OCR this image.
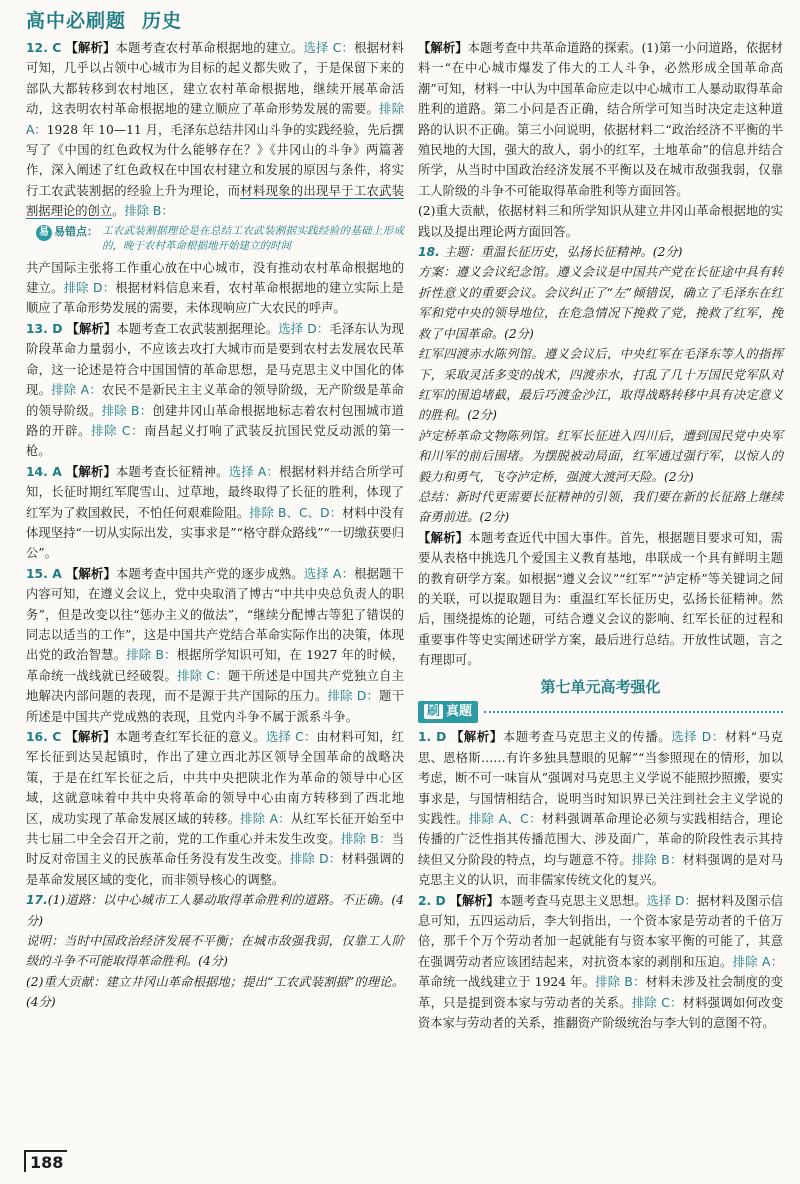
高中必刷题 历史

12. C 【解析】本题考查农村革命根据地的建立。选择 C：根据材料可知，几乎以占领中心城市为目标的起义都失败了，于是保留下来的部队大都转移到农村地区，建立农村革命根据地，继续开展革命活动，这表明农村革命根据地的建立顺应了革命形势发展的需要。排除 A：1928 年 10—11 月，毛泽东总结井冈山斗争的实践经验，先后撰写了《中国的红色政权为什么能够存在？》《井冈山的斗争》两篇著作，深入阐述了红色政权在中国农村建立和发展的原因与条件，将实行工农武装割据的经验上升为理论，而材料现象的出现早于工农武装割据理论的创立。排除 B：

易 易错点： 工农武装割据理论是在总结工农武装割据实践经验的基础上形成的，晚于农村革命根据地开始建立的时间

共产国际主张将工作重心放在中心城市，没有推动农村革命根据地的建立。排除 D：根据材料信息来看，农村革命根据地的建立实际上是顺应了革命形势发展的需要，未体现响应广大农民的呼声。

13. D 【解析】本题考查工农武装割据理论。选择 D：毛泽东认为现阶段革命力量弱小，不应该去攻打大城市而是要到农村去发展农民革命，这一论述是符合中国国情的革命思想，是马克思主义中国化的体现。排除 A：农民不是新民主主义革命的领导阶级，无产阶级是革命的领导阶级。排除 B：创建井冈山革命根据地标志着农村包围城市道路的开辟。排除 C：南昌起义打响了武装反抗国民党反动派的第一枪。

14. A 【解析】本题考查长征精神。选择 A：根据材料并结合所学可知，长征时期红军爬雪山、过草地，最终取得了长征的胜利，体现了红军为了救国救民，不怕任何艰难险阻。排除 B、C、D：材料中没有体现坚持“一切从实际出发，实事求是”“格守群众路线”“一切缴获要归公”。

15. A 【解析】本题考查中国共产党的逐步成熟。选择 A：根据题干内容可知，在遵义会议上，党中央取消了博古“中共中央总负责人的职务”，但是改变以往“惩办主义的做法”，“继续分配博古等犯了错误的同志以适当的工作”，这是中国共产党结合革命实际作出的决策，体现出党的政治智慧。排除 B：根据所学知识可知，在 1927 年的时候，革命统一战线就已经破裂。排除 C：题干所述是中国共产党独立自主地解决内部问题的表现，而不是源于共产国际的压力。排除 D：题干所述是中国共产党成熟的表现，且党内斗争不属于派系斗争。

16. C 【解析】本题考查红军长征的意义。选择 C：由材料可知，红军长征到达吴起镇时，作出了建立西北苏区领导全国革命的战略决策，于是在红军长征之后，中共中央把陕北作为革命的领导中心区域，这就意味着中共中央将革命的领导中心由南方转移到了西北地区，成功实现了革命发展区域的转移。排除 A：从红军长征开始至中共七届二中全会召开之前，党的工作重心并未发生改变。排除 B：当时反对帝国主义的民族革命任务没有发生改变。排除 D：材料强调的是革命发展区域的变化，而非领导核心的调整。

17.(1)道路：以中心城市工人暴动取得革命胜利的道路。不正确。(4分)

说明：当时中国政治经济发展不平衡；在城市敌强我弱，仅靠工人阶级的斗争不可能取得革命胜利。(4分)

(2)重大贡献：建立井冈山革命根据地；提出“工农武装割据”的理论。(4分)

【解析】本题考查中共革命道路的探索。(1)第一小问道路，依据材料一“在中心城市爆发了伟大的工人斗争，必然形成全国革命高潮”可知，材料一中认为中国革命应走以中心城市工人暴动取得革命胜利的道路。第二小问是否正确，结合所学可知当时决定走这种道路的认识不正确。第三小问说明，依据材料二“政治经济不平衡的半殖民地的大国，强大的敌人，弱小的红军，土地革命”的信息并结合所学，从当时中国政治经济发展不平衡以及在城市敌强我弱，仅靠工人阶级的斗争不可能取得革命胜利等方面回答。

(2)重大贡献，依据材料三和所学知识从建立井冈山革命根据地的实践以及提出理论两方面回答。

18. 主题：重温长征历史，弘扬长征精神。(2分)

方案：遵义会议纪念馆。遵义会议是中国共产党在长征途中具有转折性意义的重要会议。会议纠正了“左”倾错误，确立了毛泽东在红军和党中央的领导地位，在危急情况下挽救了党，挽救了红军，挽救了中国革命。(2分)

红军四渡赤水陈列馆。遵义会议后，中央红军在毛泽东等人的指挥下，采取灵活多变的战术，四渡赤水，打乱了几十万国民党军队对红军的围追堵截，最后巧渡金沙江，取得战略转移中具有决定意义的胜利。(2分)

泸定桥革命文物陈列馆。红军长征进入四川后，遭到国民党中央军和川军的前后围堵。为摆脱被动局面，红军通过强行军，以惊人的毅力和勇气，飞夺泸定桥，强渡大渡河天险。(2分)

总结：新时代更需要长征精神的引领，我们要在新的长征路上继续奋勇前进。(2分)

【解析】本题考查近代中国大事件。首先，根据题目要求可知，需要从表格中挑选几个爱国主义教育基地，串联成一个具有鲜明主题的教育研学方案。如根据“遵义会议”“红军”“泸定桥”等关键词之间的关联，可以提取题目为：重温红军长征历史，弘扬长征精神。然后，围绕提炼的论题，可结合遵义会议的影响、红军长征的过程和重要事件等史实阐述研学方案，最后进行总结。开放性试题，言之有理即可。

第七单元高考强化
刷 真题

1. D 【解析】本题考查马克思主义的传播。选择 D：材料“马克思、恩格斯……有许多独具慧眼的见解”“当参照现在的情形，加以考虑，断不可一味盲从”强调对马克思主义学说不能照抄照搬，要实事求是，与国情相结合，说明当时知识界已关注到社会主义学说的实践性。排除 A、C：材料强调革命理论必须与实践相结合，理论传播的广泛性指其传播范围大、涉及面广，革命的阶段性表示其持续但又分阶段的特点，均与题意不符。排除 B：材料强调的是对马克思主义的认识，而非儒家传统文化的复兴。

2. D 【解析】本题考查马克思主义思想。选择 D：据材料及图示信息可知，五四运动后，李大钊指出，一个资本家是劳动者的千倍万倍，那千个万个劳动者加一起就能有与资本家平衡的可能了，其意在强调劳动者应该团结起来，对抗资本家的剥削和压迫。排除 A：革命统一战线建立于 1924 年。排除 B：材料未涉及社会制度的变革，只是提到资本家与劳动者的关系。排除 C：材料强调如何改变资本家与劳动者的关系，推翻资产阶级统治与李大钊的意图不符。

188
